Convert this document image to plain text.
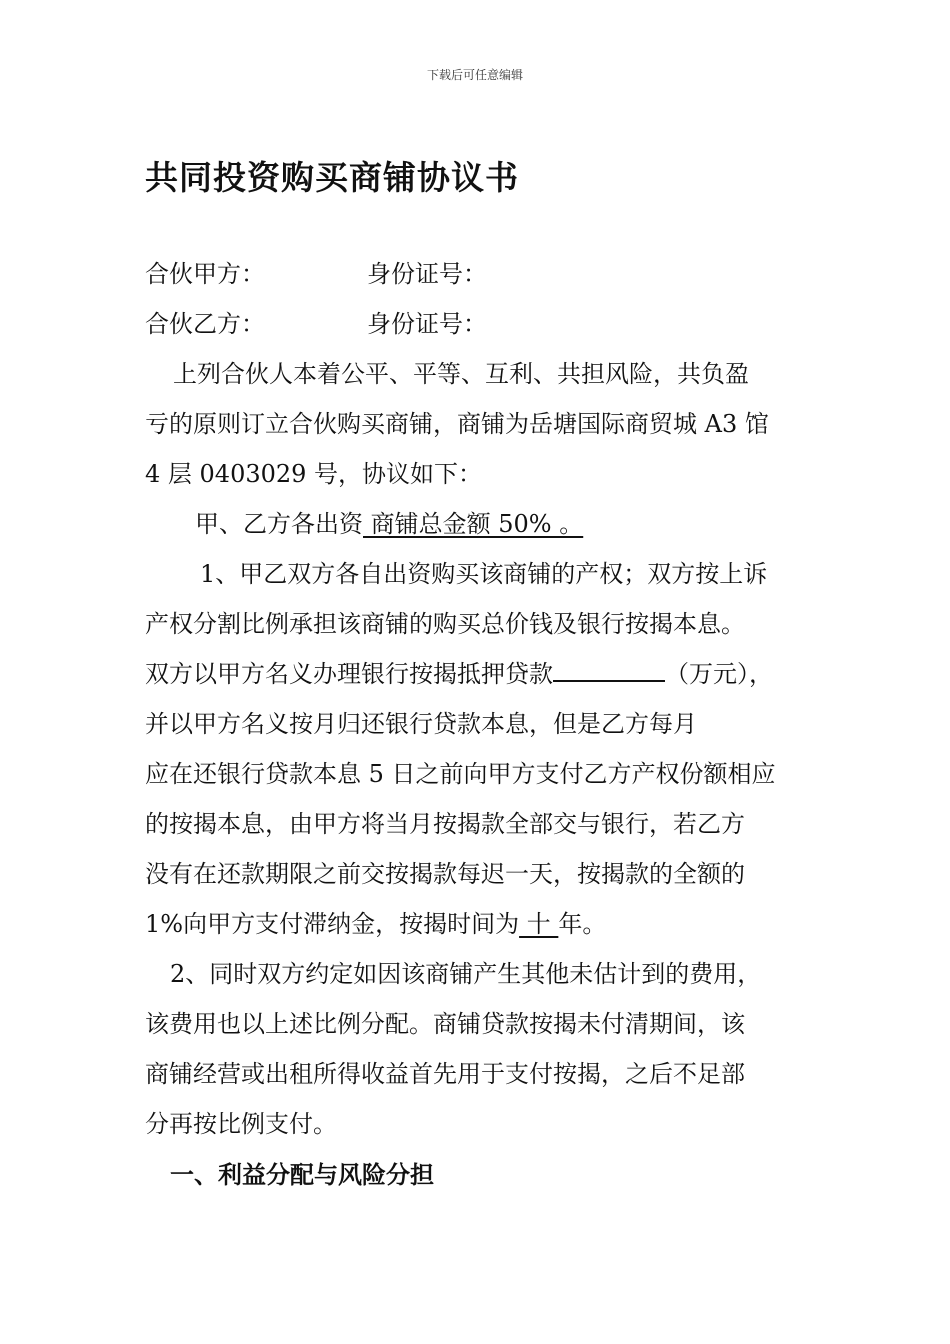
下载后可任意编辑
共同投资购买商铺协议书
合伙甲方：	身份证号：
合伙乙方：	身份证号：
上列合伙人本着公平、平等、互利、共担风险，共负盈
亏的原则订立合伙购买商铺，商铺为岳塘国际商贸城 A3 馆
4 层 0403029 号，协议如下：
甲、乙方各出资 商铺总金额 50% 。
1、甲乙双方各自出资购买该商铺的产权；双方按上诉
产权分割比例承担该商铺的购买总价钱及银行按揭本息。
双方以甲方名义办理银行按揭抵押贷款	（万元），
并以甲方名义按月归还银行贷款本息，但是乙方每月
应在还银行贷款本息 5 日之前向甲方支付乙方产权份额相应
的按揭本息，由甲方将当月按揭款全部交与银行，若乙方
没有在还款期限之前交按揭款每迟一天，按揭款的全额的
1%向甲方支付滞纳金，按揭时间为 十 年。
2、同时双方约定如因该商铺产生其他未估计到的费用，
该费用也以上述比例分配。商铺贷款按揭未付清期间，该
商铺经营或出租所得收益首先用于支付按揭，之后不足部
分再按比例支付。
一、利益分配与风险分担
